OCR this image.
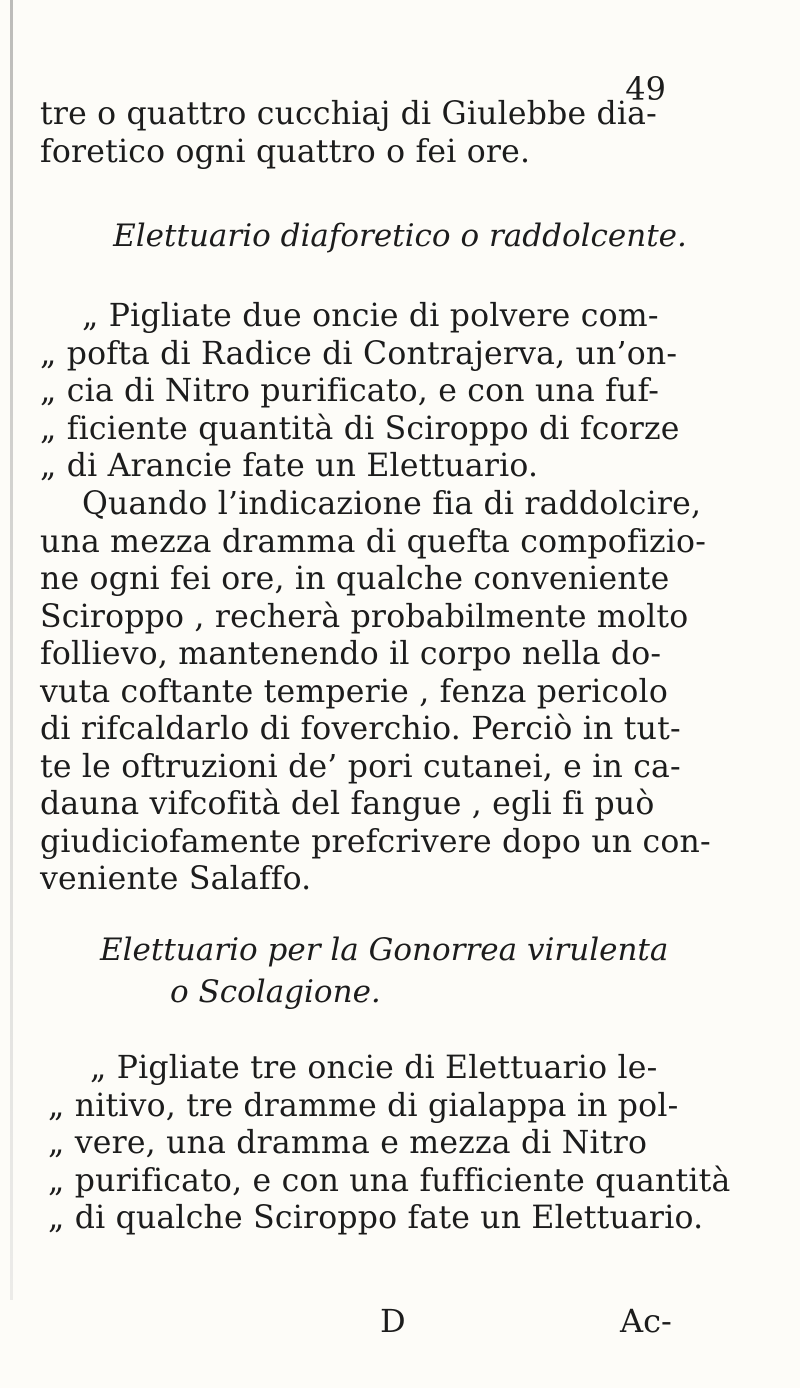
49
tre o quattro cucchiaj di Giulebbe dia-
foretico ogni quattro o fei ore.
Elettuario diaforetico o raddolcente.
„ Pigliate due oncie di polvere com-
„ pofta di Radice di Contrajerva, un’on-
„ cia di Nitro purificato, e con una fuf-
„ ficiente quantità di Sciroppo di fcorze
„ di Arancie fate un Elettuario.
Quando l’indicazione fia di raddolcire,
una mezza dramma di quefta compofizio-
ne ogni fei ore, in qualche conveniente
Sciroppo , recherà probabilmente molto
follievo, mantenendo il corpo nella do-
vuta coftante temperie , fenza pericolo
di rifcaldarlo di foverchio. Perciò in tut-
te le oftruzioni de’ pori cutanei, e in ca-
dauna vifcofità del fangue , egli fi può
giudiciofamente prefcrivere dopo un con-
veniente Salaffo.
Elettuario per la Gonorrea virulenta
o Scolagione.
„ Pigliate tre oncie di Elettuario le-
„ nitivo, tre dramme di gialappa in pol-
„ vere, una dramma e mezza di Nitro
„ purificato, e con una fufficiente quantità
„ di qualche Sciroppo fate un Elettuario.
D	Ac-
